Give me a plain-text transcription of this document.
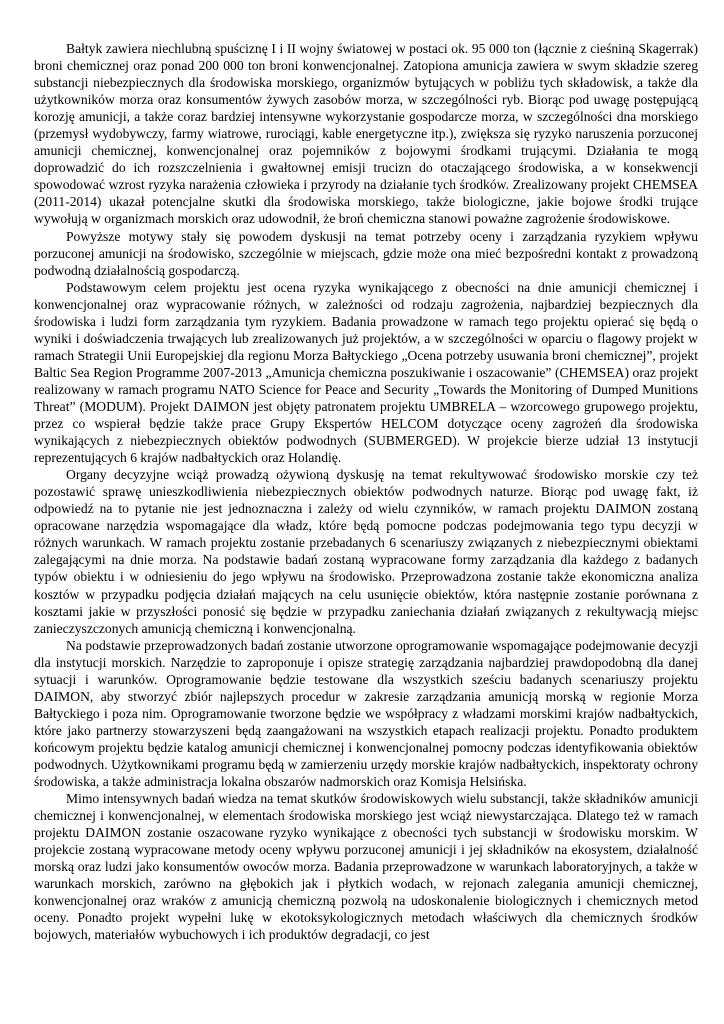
Bałtyk zawiera niechlubną spuściznę I i II wojny światowej w postaci ok. 95 000 ton (łącznie z cieśniną Skagerrak) broni chemicznej oraz ponad 200 000 ton broni konwencjonalnej. Zatopiona amunicja zawiera w swym składzie szereg substancji niebezpiecznych dla środowiska morskiego, organizmów bytujących w pobliżu tych składowisk, a także dla użytkowników morza oraz konsumentów żywych zasobów morza, w szczególności ryb. Biorąc pod uwagę postępującą korozję amunicji, a także coraz bardziej intensywne wykorzystanie gospodarcze morza, w szczególności dna morskiego (przemysł wydobywczy, farmy wiatrowe, rurociągi, kable energetyczne itp.), zwiększa się ryzyko naruszenia porzuconej amunicji chemicznej, konwencjonalnej oraz pojemników z bojowymi środkami trującymi. Działania te mogą doprowadzić do ich rozszczelnienia i gwałtownej emisji trucizn do otaczającego środowiska, a w konsekwencji spowodować wzrost ryzyka narażenia człowieka i przyrody na działanie tych środków. Zrealizowany projekt CHEMSEA (2011-2014) ukazał potencjalne skutki dla środowiska morskiego, także biologiczne, jakie bojowe środki trujące wywołują w organizmach morskich oraz udowodnił, że broń chemiczna stanowi poważne zagrożenie środowiskowe.

Powyższe motywy stały się powodem dyskusji na temat potrzeby oceny i zarządzania ryzykiem wpływu porzuconej amunicji na środowisko, szczególnie w miejscach, gdzie może ona mieć bezpośredni kontakt z prowadzoną podwodną działalnością gospodarczą.

Podstawowym celem projektu jest ocena ryzyka wynikającego z obecności na dnie amunicji chemicznej i konwencjonalnej oraz wypracowanie różnych, w zależności od rodzaju zagrożenia, najbardziej bezpiecznych dla środowiska i ludzi form zarządzania tym ryzykiem. Badania prowadzone w ramach tego projektu opierać się będą o wyniki i doświadczenia trwających lub zrealizowanych już projektów, a w szczególności w oparciu o flagowy projekt w ramach Strategii Unii Europejskiej dla regionu Morza Bałtyckiego „Ocena potrzeby usuwania broni chemicznej”, projekt Baltic Sea Region Programme 2007-2013 „Amunicja chemiczna poszukiwanie i oszacowanie” (CHEMSEA) oraz projekt realizowany w ramach programu NATO Science for Peace and Security „Towards the Monitoring of Dumped Munitions Threat” (MODUM). Projekt DAIMON jest objęty patronatem projektu UMBRELA – wzorcowego grupowego projektu, przez co wspierał będzie także prace Grupy Ekspertów HELCOM dotyczące oceny zagrożeń dla środowiska wynikających z niebezpiecznych obiektów podwodnych (SUBMERGED). W projekcie bierze udział 13 instytucji reprezentujących 6 krajów nadbałtyckich oraz Holandię.

Organy decyzyjne wciąż prowadzą ożywioną dyskusję na temat rekultywować środowisko morskie czy też pozostawić sprawę unieszkodliwienia niebezpiecznych obiektów podwodnych naturze. Biorąc pod uwagę fakt, iż odpowiedź na to pytanie nie jest jednoznaczna i zależy od wielu czynników, w ramach projektu DAIMON zostaną opracowane narzędzia wspomagające dla władz, które będą pomocne podczas podejmowania tego typu decyzji w różnych warunkach. W ramach projektu zostanie przebadanych 6 scenariuszy związanych z niebezpiecznymi obiektami zalegającymi na dnie morza. Na podstawie badań zostaną wypracowane formy zarządzania dla każdego z badanych typów obiektu i w odniesieniu do jego wpływu na środowisko. Przeprowadzona zostanie także ekonomiczna analiza kosztów w przypadku podjęcia działań mających na celu usunięcie obiektów, która następnie zostanie porównana z kosztami jakie w przyszłości ponosić się będzie w przypadku zaniechania działań związanych z rekultywacją miejsc zanieczyszczonych amunicją chemiczną i konwencjonalną.

Na podstawie przeprowadzonych badań zostanie utworzone oprogramowanie wspomagające podejmowanie decyzji dla instytucji morskich. Narzędzie to zaproponuje i opisze strategię zarządzania najbardziej prawdopodobną dla danej sytuacji i warunków. Oprogramowanie będzie testowane dla wszystkich sześciu badanych scenariuszy projektu DAIMON, aby stworzyć zbiór najlepszych procedur w zakresie zarządzania amunicją morską w regionie Morza Bałtyckiego i poza nim. Oprogramowanie tworzone będzie we współpracy z władzami morskimi krajów nadbałtyckich, które jako partnerzy stowarzyszeni będą zaangażowani na wszystkich etapach realizacji projektu. Ponadto produktem końcowym projektu będzie katalog amunicji chemicznej i konwencjonalnej pomocny podczas identyfikowania obiektów podwodnych. Użytkownikami programu będą w zamierzeniu urzędy morskie krajów nadbałtyckich, inspektoraty ochrony środowiska, a także administracja lokalna obszarów nadmorskich oraz Komisja Helsińska.

Mimo intensywnych badań wiedza na temat skutków środowiskowych wielu substancji, także składników amunicji chemicznej i konwencjonalnej, w elementach środowiska morskiego jest wciąż niewystarczająca. Dlatego też w ramach projektu DAIMON zostanie oszacowane ryzyko wynikające z obecności tych substancji w środowisku morskim. W projekcie zostaną wypracowane metody oceny wpływu porzuconej amunicji i jej składników na ekosystem, działalność morską oraz ludzi jako konsumentów owoców morza. Badania przeprowadzone w warunkach laboratoryjnych, a także w warunkach morskich, zarówno na głębokich jak i płytkich wodach, w rejonach zalegania amunicji chemicznej, konwencjonalnej oraz wraków z amunicją chemiczną pozwolą na udoskonalenie biologicznych i chemicznych metod oceny. Ponadto projekt wypełni lukę w ekotoksykologicznych metodach właściwych dla chemicznych środków bojowych, materiałów wybuchowych i ich produktów degradacji, co jest
